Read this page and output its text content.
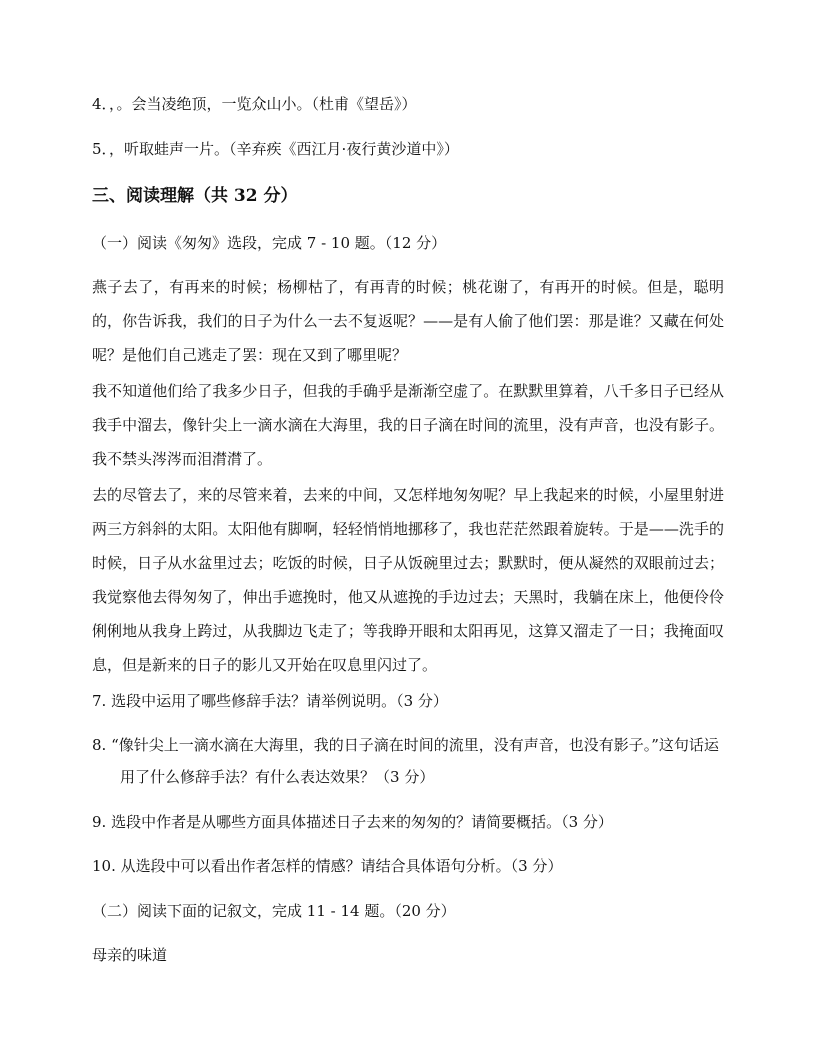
4．，。会当凌绝顶，一览众山小。（杜甫《望岳》）
5．，听取蛙声一片。（辛弃疾《西江月·夜行黄沙道中》）
三、阅读理解（共 32 分）
（一）阅读《匆匆》选段，完成 7 - 10 题。（12 分）

燕子去了，有再来的时候；杨柳枯了，有再青的时候；桃花谢了，有再开的时候。但是，聪明的，你告诉我，我们的日子为什么一去不复返呢？——是有人偷了他们罢：那是谁？又藏在何处呢？是他们自己逃走了罢：现在又到了哪里呢？

我不知道他们给了我多少日子，但我的手确乎是渐渐空虚了。在默默里算着，八千多日子已经从我手中溜去，像针尖上一滴水滴在大海里，我的日子滴在时间的流里，没有声音，也没有影子。我不禁头涔涔而泪潸潸了。

去的尽管去了，来的尽管来着，去来的中间，又怎样地匆匆呢？早上我起来的时候，小屋里射进两三方斜斜的太阳。太阳他有脚啊，轻轻悄悄地挪移了，我也茫茫然跟着旋转。于是——洗手的时候，日子从水盆里过去；吃饭的时候，日子从饭碗里过去；默默时，便从凝然的双眼前过去；我觉察他去得匆匆了，伸出手遮挽时，他又从遮挽的手边过去；天黑时，我躺在床上，他便伶伶俐俐地从我身上跨过，从我脚边飞走了；等我睁开眼和太阳再见，这算又溜走了一日；我掩面叹息，但是新来的日子的影儿又开始在叹息里闪过了。

7. 选段中运用了哪些修辞手法？请举例说明。（3 分）

8. “像针尖上一滴水滴在大海里，我的日子滴在时间的流里，没有声音，也没有影子。”这句话运用了什么修辞手法？有什么表达效果？（3 分）

9. 选段中作者是从哪些方面具体描述日子去来的匆匆的？请简要概括。（3 分）
10. 从选段中可以看出作者怎样的情感？请结合具体语句分析。（3 分）
（二）阅读下面的记叙文，完成 11 - 14 题。（20 分）
母亲的味道
